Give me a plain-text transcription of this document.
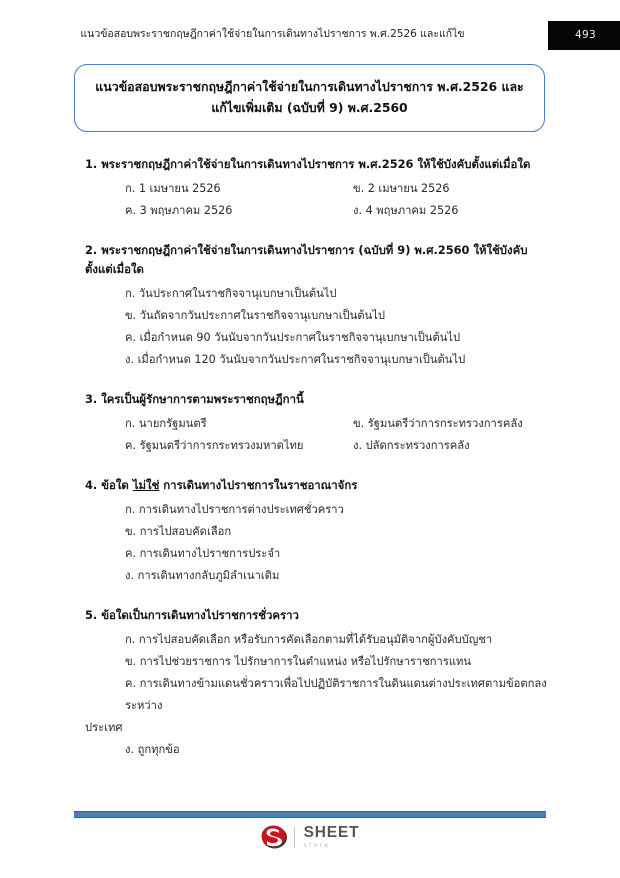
แนวข้อสอบพระราชกฤษฎีกาค่าใช้จ่ายในการเดินทางไปราชการ พ.ศ.2526 และแก้ไข	493
แนวข้อสอบพระราชกฤษฎีกาค่าใช้จ่ายในการเดินทางไปราชการ พ.ศ.2526 และแก้ไขเพิ่มเติม (ฉบับที่ 9) พ.ศ.2560

1. พระราชกฤษฎีกาค่าใช้จ่ายในการเดินทางไปราชการ พ.ศ.2526 ให้ใช้บังคับตั้งแต่เมื่อใด

ก. 1 เมษายน 2526	ข. 2 เมษายน 2526
ค. 3 พฤษภาคม 2526	ง. 4 พฤษภาคม 2526

2. พระราชกฤษฎีกาค่าใช้จ่ายในการเดินทางไปราชการ (ฉบับที่ 9) พ.ศ.2560 ให้ใช้บังคับตั้งแต่เมื่อใด

ก. วันประกาศในราชกิจจานุเบกษาเป็นต้นไป
ข. วันถัดจากวันประกาศในราชกิจจานุเบกษาเป็นต้นไป
ค. เมื่อกำหนด 90 วันนับจากวันประกาศในราชกิจจานุเบกษาเป็นต้นไป
ง. เมื่อกำหนด 120 วันนับจากวันประกาศในราชกิจจานุเบกษาเป็นต้นไป

3. ใครเป็นผู้รักษาการตามพระราชกฤษฎีกานี้

ก. นายกรัฐมนตรี	ข. รัฐมนตรีว่าการกระทรวงการคลัง
ค. รัฐมนตรีว่าการกระทรวงมหาดไทย	ง. ปลัดกระทรวงการคลัง

4. ข้อใด ไม่ใช่ การเดินทางไปราชการในราชอาณาจักร

ก. การเดินทางไปราชการต่างประเทศชั่วคราว
ข. การไปสอบคัดเลือก
ค. การเดินทางไปราชการประจำ
ง. การเดินทางกลับภูมิลำเนาเดิม

5. ข้อใดเป็นการเดินทางไปราชการชั่วคราว

ก. การไปสอบคัดเลือก หรือรับการคัดเลือกตามที่ได้รับอนุมัติจากผู้บังคับบัญชา
ข. การไปช่วยราชการ ไปรักษาการในตำแหน่ง หรือไปรักษาราชการแทน
ค. การเดินทางข้ามแดนชั่วคราวเพื่อไปปฏิบัติราชการในดินแดนต่างประเทศตามข้อตกลงระหว่าง
ประเทศ
ง. ถูกทุกข้อ
SHEET
store
